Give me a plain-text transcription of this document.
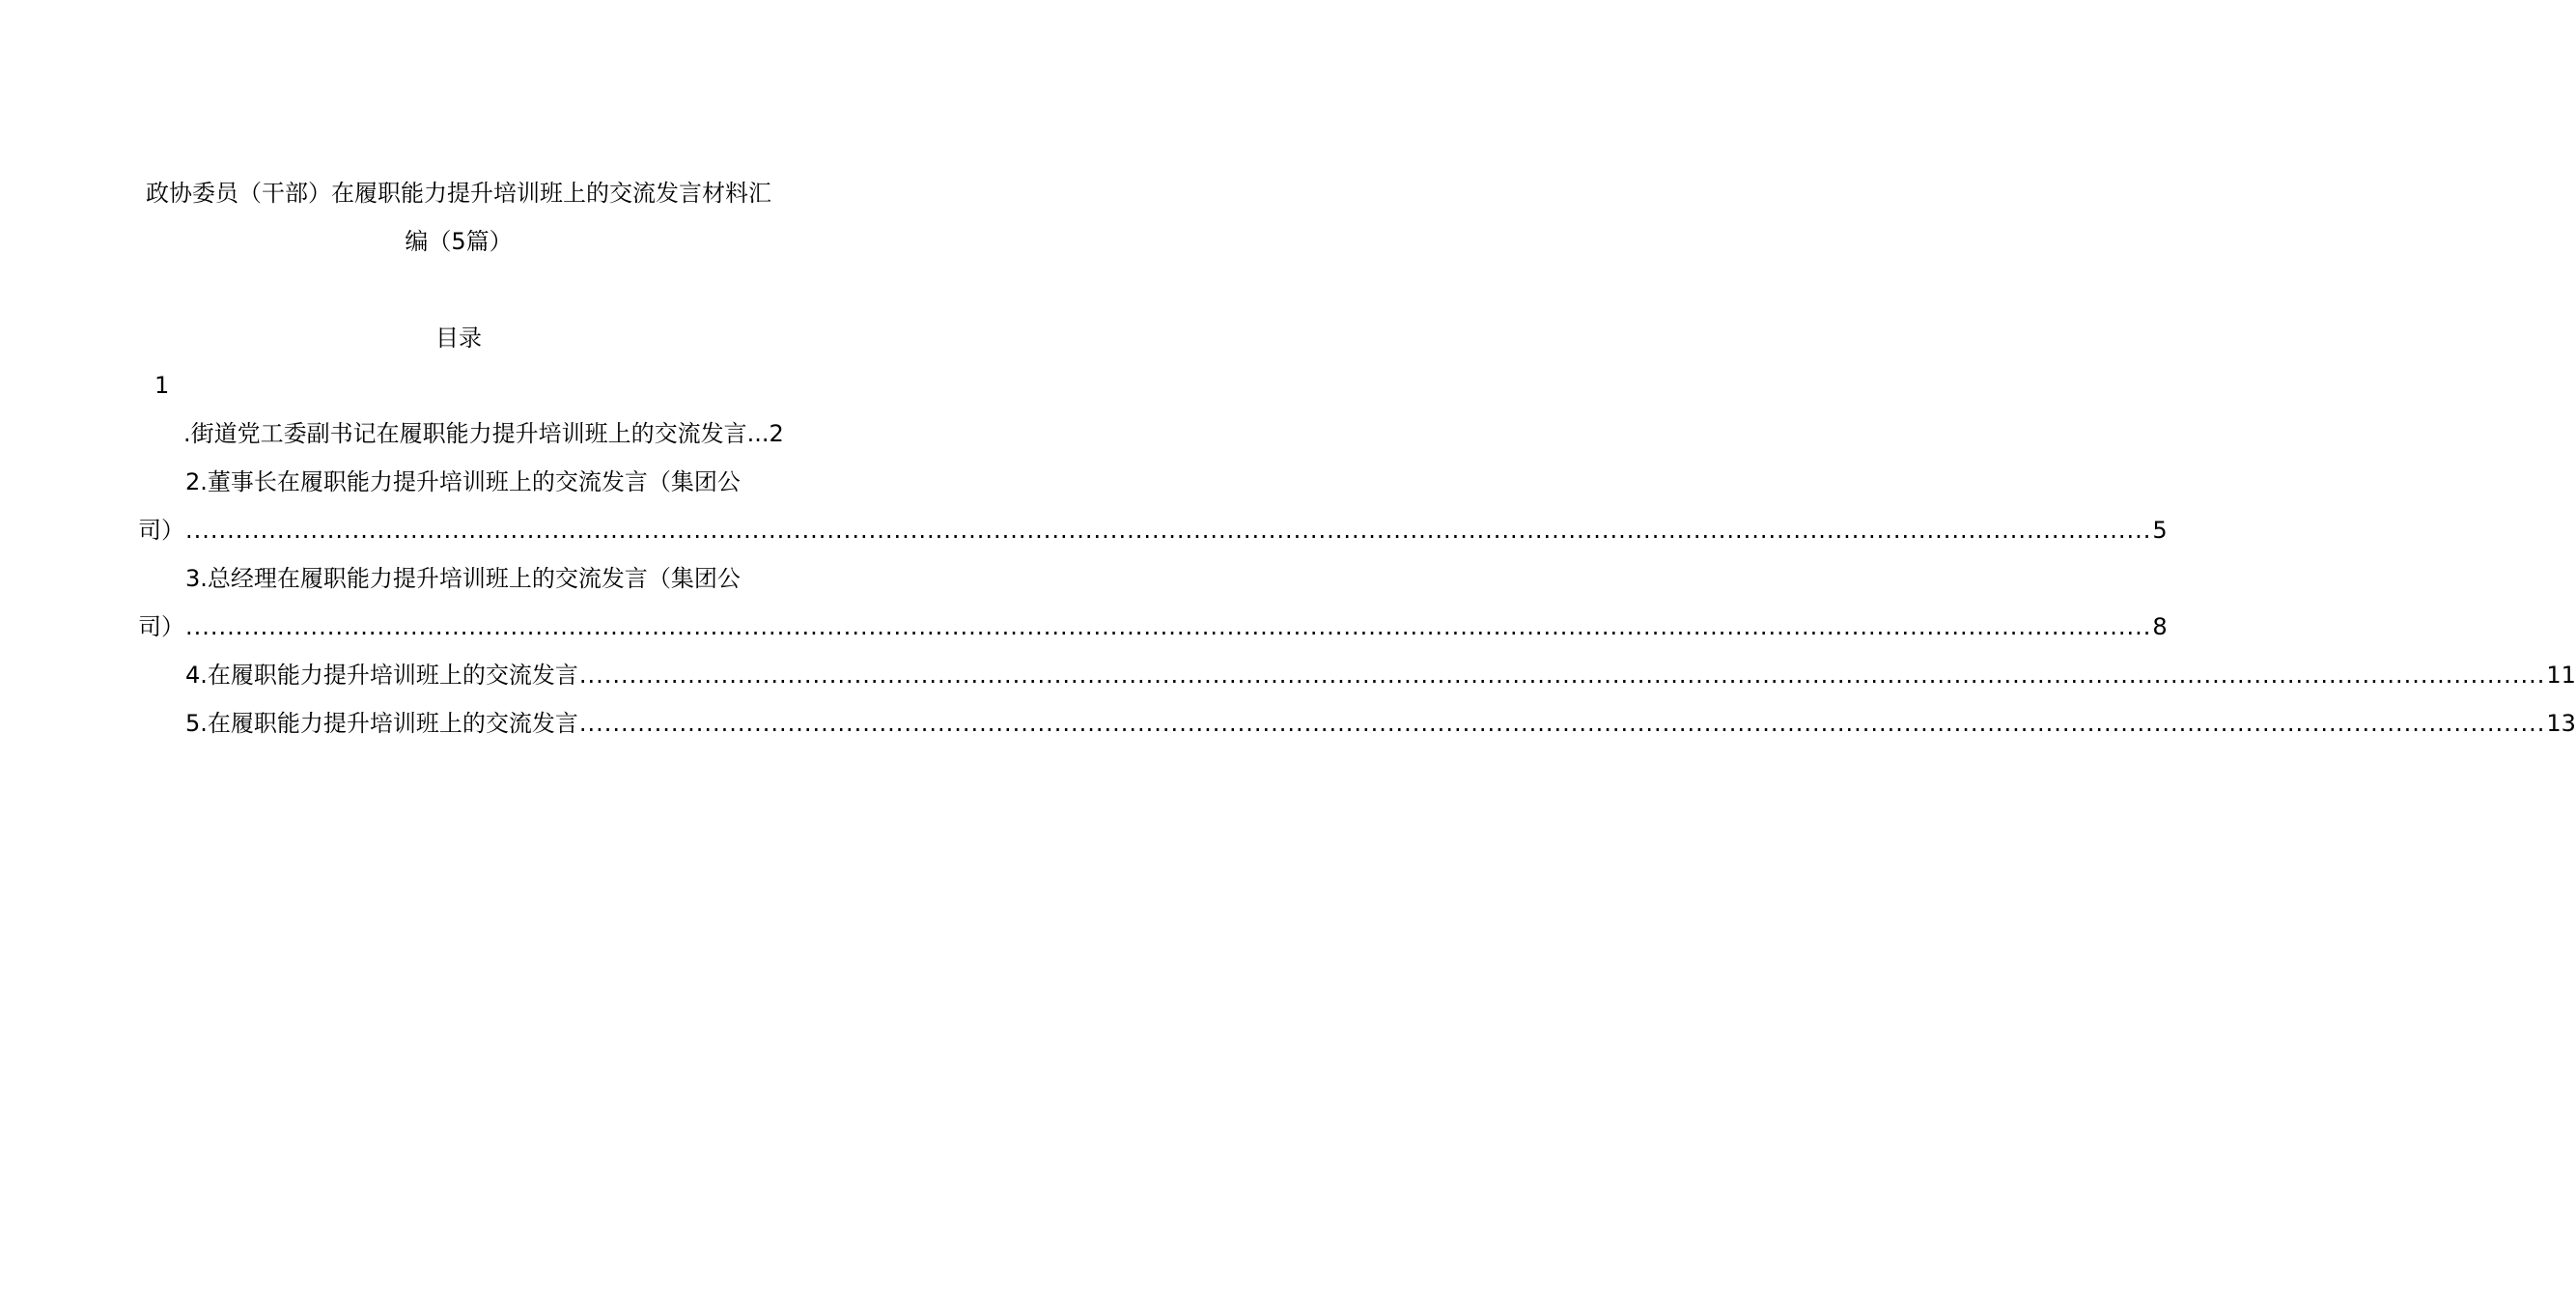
政协委员（干部）在履职能力提升培训班上的交流发言材料汇
编（5篇）
目录
1
.街道党工委副书记在履职能力提升培训班上的交流发言 ... 2
2.董事长在履职能力提升培训班上的交流发言（集团公
司） .....	5
3.总经理在履职能力提升培训班上的交流发言（集团公
司） .....	8
4.在履职能力提升培训班上的交流发言 .....	11
5.在履职能力提升培训班上的交流发言 .....	13
